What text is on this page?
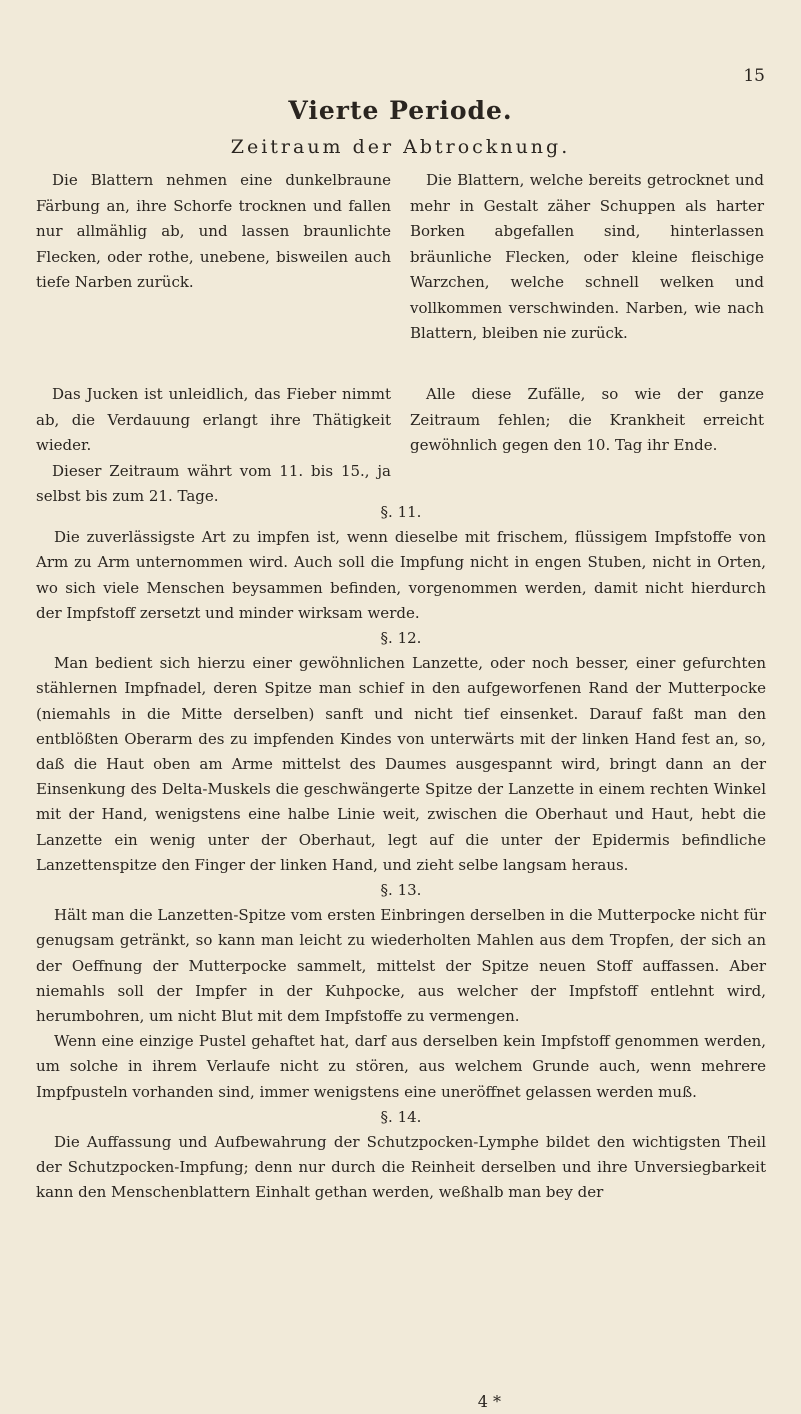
15
Vierte Periode.
Zeitraum der Abtrocknung.

Die Blattern nehmen eine dunkelbraune Färbung an, ihre Schorfe trocknen und fallen nur allmählig ab, und lassen braunlichte Flecken, oder rothe, unebene, bisweilen auch tiefe Narben zurück.

Die Blattern, welche bereits getrocknet und mehr in Gestalt zäher Schuppen als harter Borken abgefallen sind, hinterlassen bräunliche Flecken, oder kleine fleischige Warzchen, welche schnell welken und vollkommen verschwinden. Narben, wie nach Blattern, bleiben nie zurück.

Das Jucken ist unleidlich, das Fieber nimmt ab, die Verdauung erlangt ihre Thätigkeit wieder.

Dieser Zeitraum währt vom 11. bis 15., ja selbst bis zum 21. Tage.

Alle diese Zufälle, so wie der ganze Zeitraum fehlen; die Krankheit erreicht gewöhnlich gegen den 10. Tag ihr Ende.

§. 11.

Die zuverlässigste Art zu impfen ist, wenn dieselbe mit frischem, flüssigem Impfstoffe von Arm zu Arm unternommen wird. Auch soll die Impfung nicht in engen Stuben, nicht in Orten, wo sich viele Menschen beysammen befinden, vorgenommen werden, damit nicht hierdurch der Impfstoff zersetzt und minder wirksam werde.

§. 12.

Man bedient sich hierzu einer gewöhnlichen Lanzette, oder noch besser, einer gefurchten stählernen Impfnadel, deren Spitze man schief in den aufgeworfenen Rand der Mutterpocke (niemahls in die Mitte derselben) sanft und nicht tief einsenket. Darauf faßt man den entblößten Oberarm des zu impfenden Kindes von unterwärts mit der linken Hand fest an, so, daß die Haut oben am Arme mittelst des Daumes ausgespannt wird, bringt dann an der Einsenkung des Delta-Muskels die geschwängerte Spitze der Lanzette in einem rechten Winkel mit der Hand, wenigstens eine halbe Linie weit, zwischen die Oberhaut und Haut, hebt die Lanzette ein wenig unter der Oberhaut, legt auf die unter der Epidermis befindliche Lanzettenspitze den Finger der linken Hand, und zieht selbe langsam heraus.

§. 13.

Hält man die Lanzetten-Spitze vom ersten Einbringen derselben in die Mutterpocke nicht für genugsam getränkt, so kann man leicht zu wiederholten Mahlen aus dem Tropfen, der sich an der Oeffnung der Mutterpocke sammelt, mittelst der Spitze neuen Stoff auffassen. Aber niemahls soll der Impfer in der Kuhpocke, aus welcher der Impfstoff entlehnt wird, herumbohren, um nicht Blut mit dem Impfstoffe zu vermengen.

Wenn eine einzige Pustel gehaftet hat, darf aus derselben kein Impfstoff genommen werden, um solche in ihrem Verlaufe nicht zu stören, aus welchem Grunde auch, wenn mehrere Impfpusteln vorhanden sind, immer wenigstens eine uneröffnet gelassen werden muß.

§. 14.

Die Auffassung und Aufbewahrung der Schutzpocken-Lymphe bildet den wichtigsten Theil der Schutzpocken-Impfung; denn nur durch die Reinheit derselben und ihre Unversiegbarkeit kann den Menschenblattern Einhalt gethan werden, weßhalb man bey der

4 *
